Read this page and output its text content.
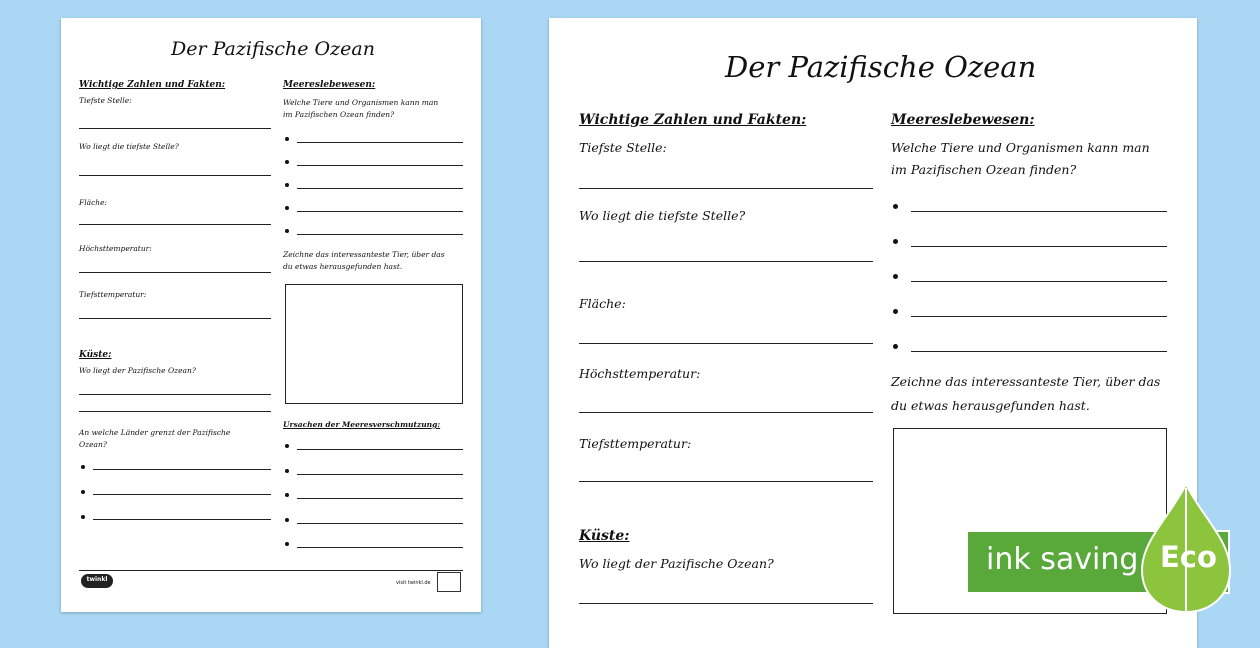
Der Pazifische Ozean
Wichtige Zahlen und Fakten:
Tiefste Stelle:
Wo liegt die tiefste Stelle?
Fläche:
Höchsttemperatur:
Tiefsttemperatur:
Küste:
Wo liegt der Pazifische Ozean?
An welche Länder grenzt der Pazifische
Ozean?
Meereslebewesen:
Welche Tiere und Organismen kann man
im Pazifischen Ozean finden?
Zeichne das interessanteste Tier, über das
du etwas herausgefunden hast.
Ursachen der Meeresverschmutzung:
twinkl	visit twinkl.de
Der Pazifische Ozean
Wichtige Zahlen und Fakten:
Tiefste Stelle:
Wo liegt die tiefste Stelle?
Fläche:
Höchsttemperatur:
Tiefsttemperatur:
Küste:
Wo liegt der Pazifische Ozean?
Meereslebewesen:
Welche Tiere und Organismen kann man
im Pazifischen Ozean finden?
Zeichne das interessanteste Tier, über das
du etwas herausgefunden hast.
ink saving Eco
